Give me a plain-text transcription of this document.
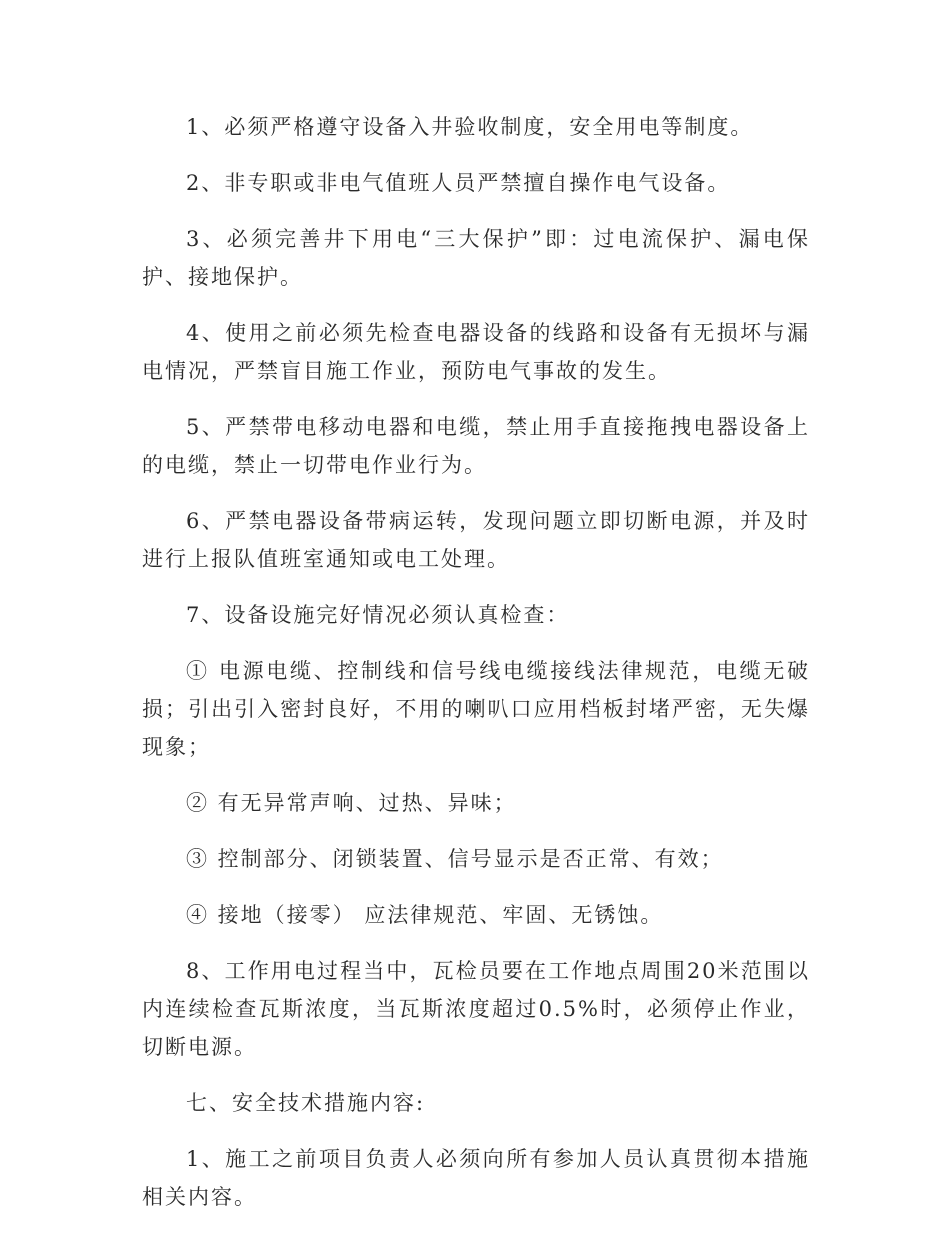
1、必须严格遵守设备入井验收制度，安全用电等制度。

2、非专职或非电气值班人员严禁擅自操作电气设备。

3、必须完善井下用电“三大保护”即：过电流保护、漏电保护、接地保护。

4、使用之前必须先检查电器设备的线路和设备有无损坏与漏电情况，严禁盲目施工作业，预防电气事故的发生。

5、严禁带电移动电器和电缆，禁止用手直接拖拽电器设备上的电缆，禁止一切带电作业行为。

6、严禁电器设备带病运转，发现问题立即切断电源，并及时进行上报队值班室通知或电工处理。

7、设备设施完好情况必须认真检查：

① 电源电缆、控制线和信号线电缆接线法律规范，电缆无破损；引出引入密封良好，不用的喇叭口应用档板封堵严密，无失爆现象；

② 有无异常声响、过热、异味；

③ 控制部分、闭锁装置、信号显示是否正常、有效；

④ 接地（接零） 应法律规范、牢固、无锈蚀。

8、工作用电过程当中，瓦检员要在工作地点周围20米范围以内连续检查瓦斯浓度，当瓦斯浓度超过0.5%时，必须停止作业，切断电源。

七、安全技术措施内容:

1、施工之前项目负责人必须向所有参加人员认真贯彻本措施相关内容。
